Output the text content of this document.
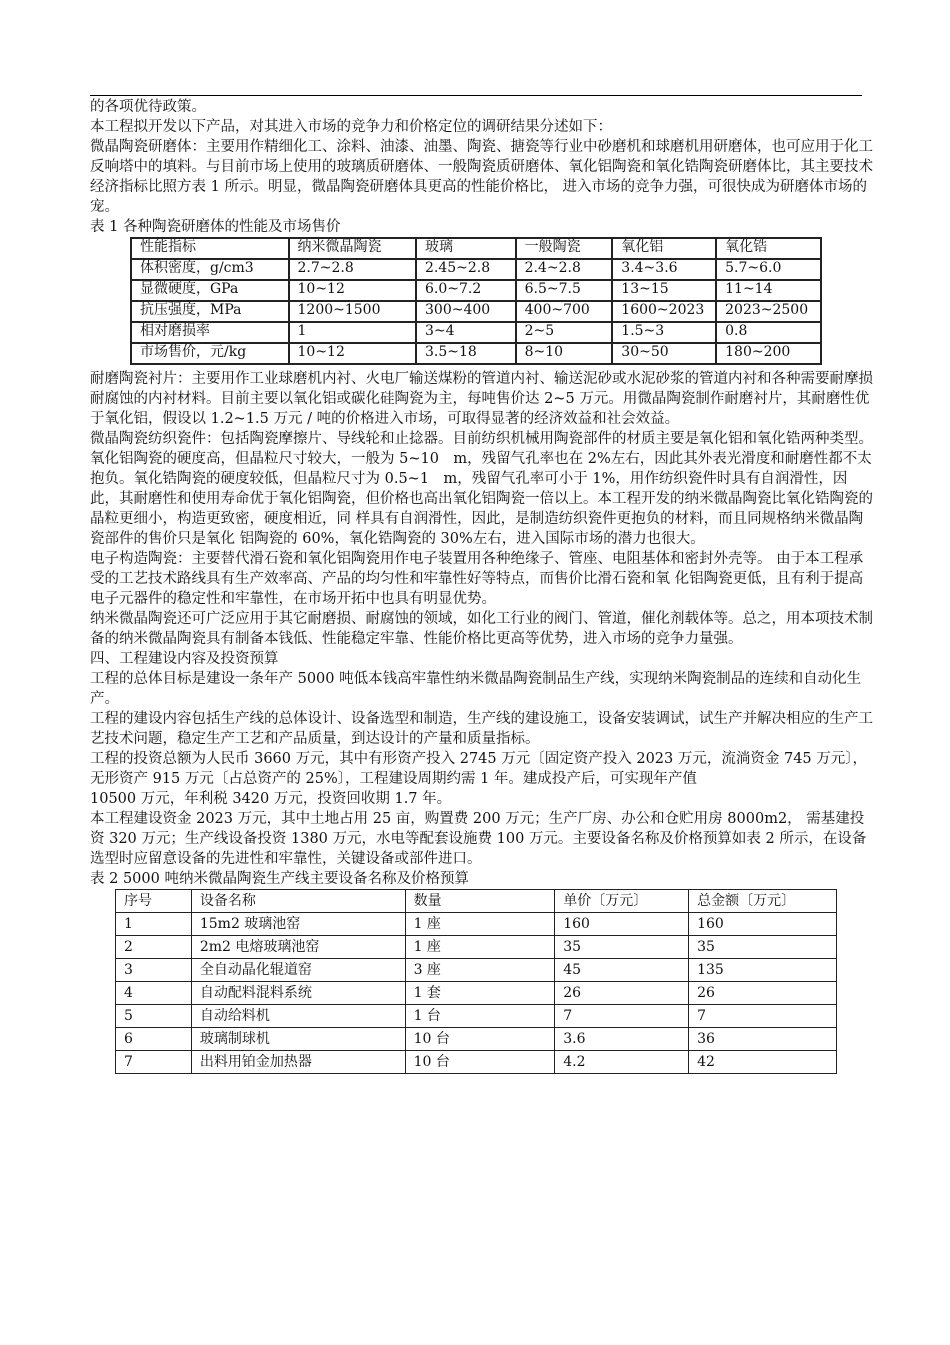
的各项优待政策。

本工程拟开发以下产品，对其进入市场的竞争力和价格定位的调研结果分述如下：

微晶陶瓷研磨体：主要用作精细化工、涂料、油漆、油墨、陶瓷、搪瓷等行业中砂磨机和球磨机用研磨体，也可应用于化工反响塔中的填料。与目前市场上使用的玻璃质研磨体、一般陶瓷质研磨体、氧化铝陶瓷和氧化锆陶瓷研磨体比，其主要技术经济指标比照方表 1 所示。明显，微晶陶瓷研磨体具更高的性能价格比， 进入市场的竞争力强，可很快成为研磨体市场的宠。

表 1 各种陶瓷研磨体的性能及市场售价

性能指标	纳米微晶陶瓷	玻璃	一般陶瓷	氧化铝	氧化锆
体积密度，g/cm3	2.7~2.8	2.45~2.8	2.4~2.8	3.4~3.6	5.7~6.0
显微硬度，GPa	10~12	6.0~7.2	6.5~7.5	13~15	11~14
抗压强度，MPa	1200~1500	300~400	400~700	1600~2023	2023~2500
相对磨损率	1	3~4	2~5	1.5~3	0.8
市场售价，元/kg	10~12	3.5~18	8~10	30~50	180~200

耐磨陶瓷衬片：主要用作工业球磨机内衬、火电厂输送煤粉的管道内衬、输送泥砂或水泥砂浆的管道内衬和各种需要耐摩损耐腐蚀的内衬材料。目前主要以氧化铝或碳化硅陶瓷为主，每吨售价达 2~5 万元。用微晶陶瓷制作耐磨衬片，其耐磨性优于氧化铝，假设以 1.2~1.5 万元 / 吨的价格进入市场，可取得显著的经济效益和社会效益。

微晶陶瓷纺织瓷件：包括陶瓷摩擦片、导线轮和止捻器。目前纺织机械用陶瓷部件的材质主要是氧化铝和氧化锆两种类型。氧化铝陶瓷的硬度高，但晶粒尺寸较大，一般为 5~10　m，残留气孔率也在 2%左右，因此其外表光滑度和耐磨性都不太抱负。氧化锆陶瓷的硬度较低，但晶粒尺寸为 0.5~1　m，残留气孔率可小于 1%，用作纺织瓷件时具有自润滑性，因此，其耐磨性和使用寿命优于氧化铝陶瓷，但价格也高出氧化铝陶瓷一倍以上。本工程开发的纳米微晶陶瓷比氧化锆陶瓷的晶粒更细小，构造更致密，硬度相近，同 样具有自润滑性，因此，是制造纺织瓷件更抱负的材料，而且同规格纳米微晶陶瓷部件的售价只是氧化 铝陶瓷的 60%，氧化锆陶瓷的 30%左右，进入国际市场的潜力也很大。

电子构造陶瓷：主要替代滑石瓷和氧化铝陶瓷用作电子装置用各种绝缘子、管座、电阻基体和密封外壳等。 由于本工程承受的工艺技术路线具有生产效率高、产品的均匀性和牢靠性好等特点，而售价比滑石瓷和氧 化铝陶瓷更低，且有利于提高电子元器件的稳定性和牢靠性，在市场开拓中也具有明显优势。

纳米微晶陶瓷还可广泛应用于其它耐磨损、耐腐蚀的领域，如化工行业的阀门、管道，催化剂载体等。总之，用本项技术制备的纳米微晶陶瓷具有制备本钱低、性能稳定牢靠、性能价格比更高等优势，进入市场的竞争力量强。

四、工程建设内容及投资预算

工程的总体目标是建设一条年产 5000 吨低本钱高牢靠性纳米微晶陶瓷制品生产线，实现纳米陶瓷制品的连续和自动化生产。

工程的建设内容包括生产线的总体设计、设备选型和制造，生产线的建设施工，设备安装调试，试生产并解决相应的生产工艺技术问题，稳定生产工艺和产品质量，到达设计的产量和质量指标。

工程的投资总额为人民币 3660 万元，其中有形资产投入 2745 万元〔固定资产投入 2023 万元，流淌资金 745 万元〕，无形资产 915 万元〔占总资产的 25%〕，工程建设周期约需 1 年。建成投产后，可实现年产值

10500 万元，年利税 3420 万元，投资回收期 1.7 年。

本工程建设资金 2023 万元，其中土地占用 25 亩，购置费 200 万元；生产厂房、办公和仓贮用房 8000m2， 需基建投资 320 万元；生产线设备投资 1380 万元，水电等配套设施费 100 万元。主要设备名称及价格预算如表 2 所示，在设备选型时应留意设备的先进性和牢靠性，关键设备或部件进口。

表 2 5000 吨纳米微晶陶瓷生产线主要设备名称及价格预算

序号	设备名称	数量	单价〔万元〕	总金额〔万元〕
1	15m2 玻璃池窑	1 座	160	160
2	2m2 电熔玻璃池窑	1 座	35	35
3	全自动晶化辊道窑	3 座	45	135
4	自动配料混料系统	1 套	26	26
5	自动给料机	1 台	7	7
6	玻璃制球机	10 台	3.6	36
7	出料用铂金加热器	10 台	4.2	42
